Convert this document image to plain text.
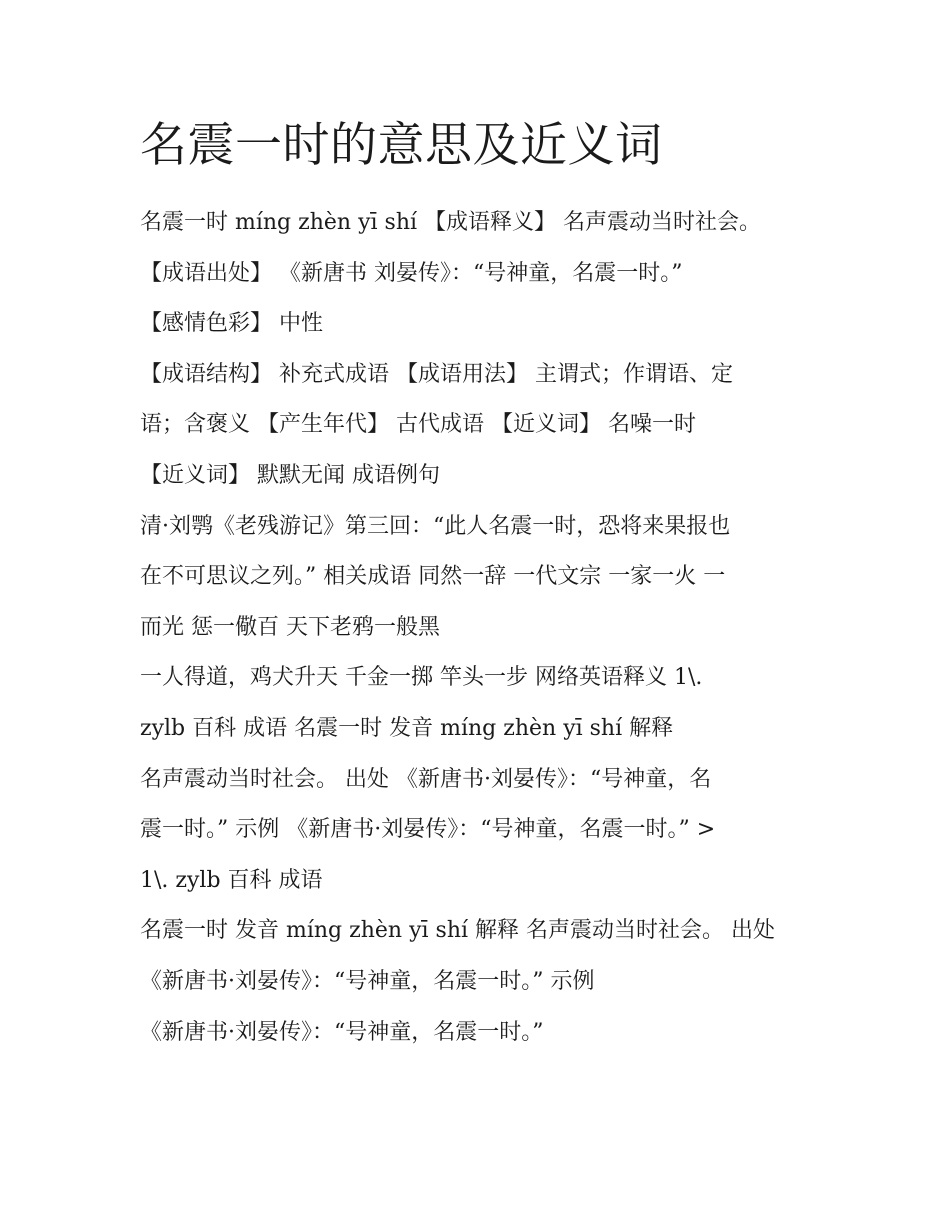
名震一时的意思及近义词
名震一时 míng zhèn yī shí 【成语释义】 名声震动当时社会。
【成语出处】 《新唐书 刘晏传》：“号神童，名震一时。”
【感情色彩】 中性
【成语结构】 补充式成语 【成语用法】 主谓式；作谓语、定
语；含褒义 【产生年代】 古代成语 【近义词】 名噪一时
【近义词】 默默无闻 成语例句
清·刘鹗《老残游记》第三回：“此人名震一时，恐将来果报也
在不可思议之列。” 相关成语 同然一辞 一代文宗 一家一火 一
而光 惩一儆百 天下老鸦一般黑
一人得道，鸡犬升天 千金一掷 竿头一步 网络英语释义 1\.
zylb 百科 成语 名震一时 发音 míng zhèn yī shí 解释
名声震动当时社会。 出处 《新唐书·刘晏传》：“号神童，名
震一时。” 示例 《新唐书·刘晏传》：“号神童，名震一时。” >
1\. zylb 百科 成语
名震一时 发音 míng zhèn yī shí 解释 名声震动当时社会。 出处
《新唐书·刘晏传》：“号神童，名震一时。” 示例
《新唐书·刘晏传》：“号神童，名震一时。”
